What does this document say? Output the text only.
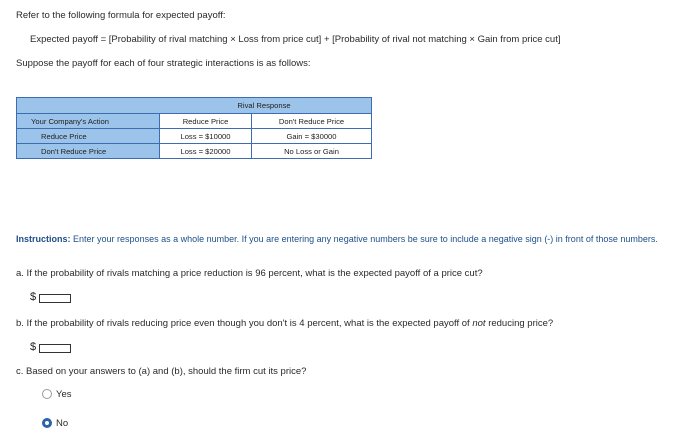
Refer to the following formula for expected payoff:
Expected payoff = [Probability of rival matching × Loss from price cut] + [Probability of rival not matching × Gain from price cut]
Suppose the payoff for each of four strategic interactions is as follows:
Rival Response
Your Company's Action	Reduce Price	Don't Reduce Price
Reduce Price	Loss = $10000	Gain = $30000
Don't Reduce Price	Loss = $20000	No Loss or Gain
Instructions: Enter your responses as a whole number. If you are entering any negative numbers be sure to include a negative sign (-) in front of those numbers.
a. If the probability of rivals matching a price reduction is 96 percent, what is the expected payoff of a price cut?
$
b. If the probability of rivals reducing price even though you don't is 4 percent, what is the expected payoff of not reducing price?
$
c. Based on your answers to (a) and (b), should the firm cut its price?
Yes
No
